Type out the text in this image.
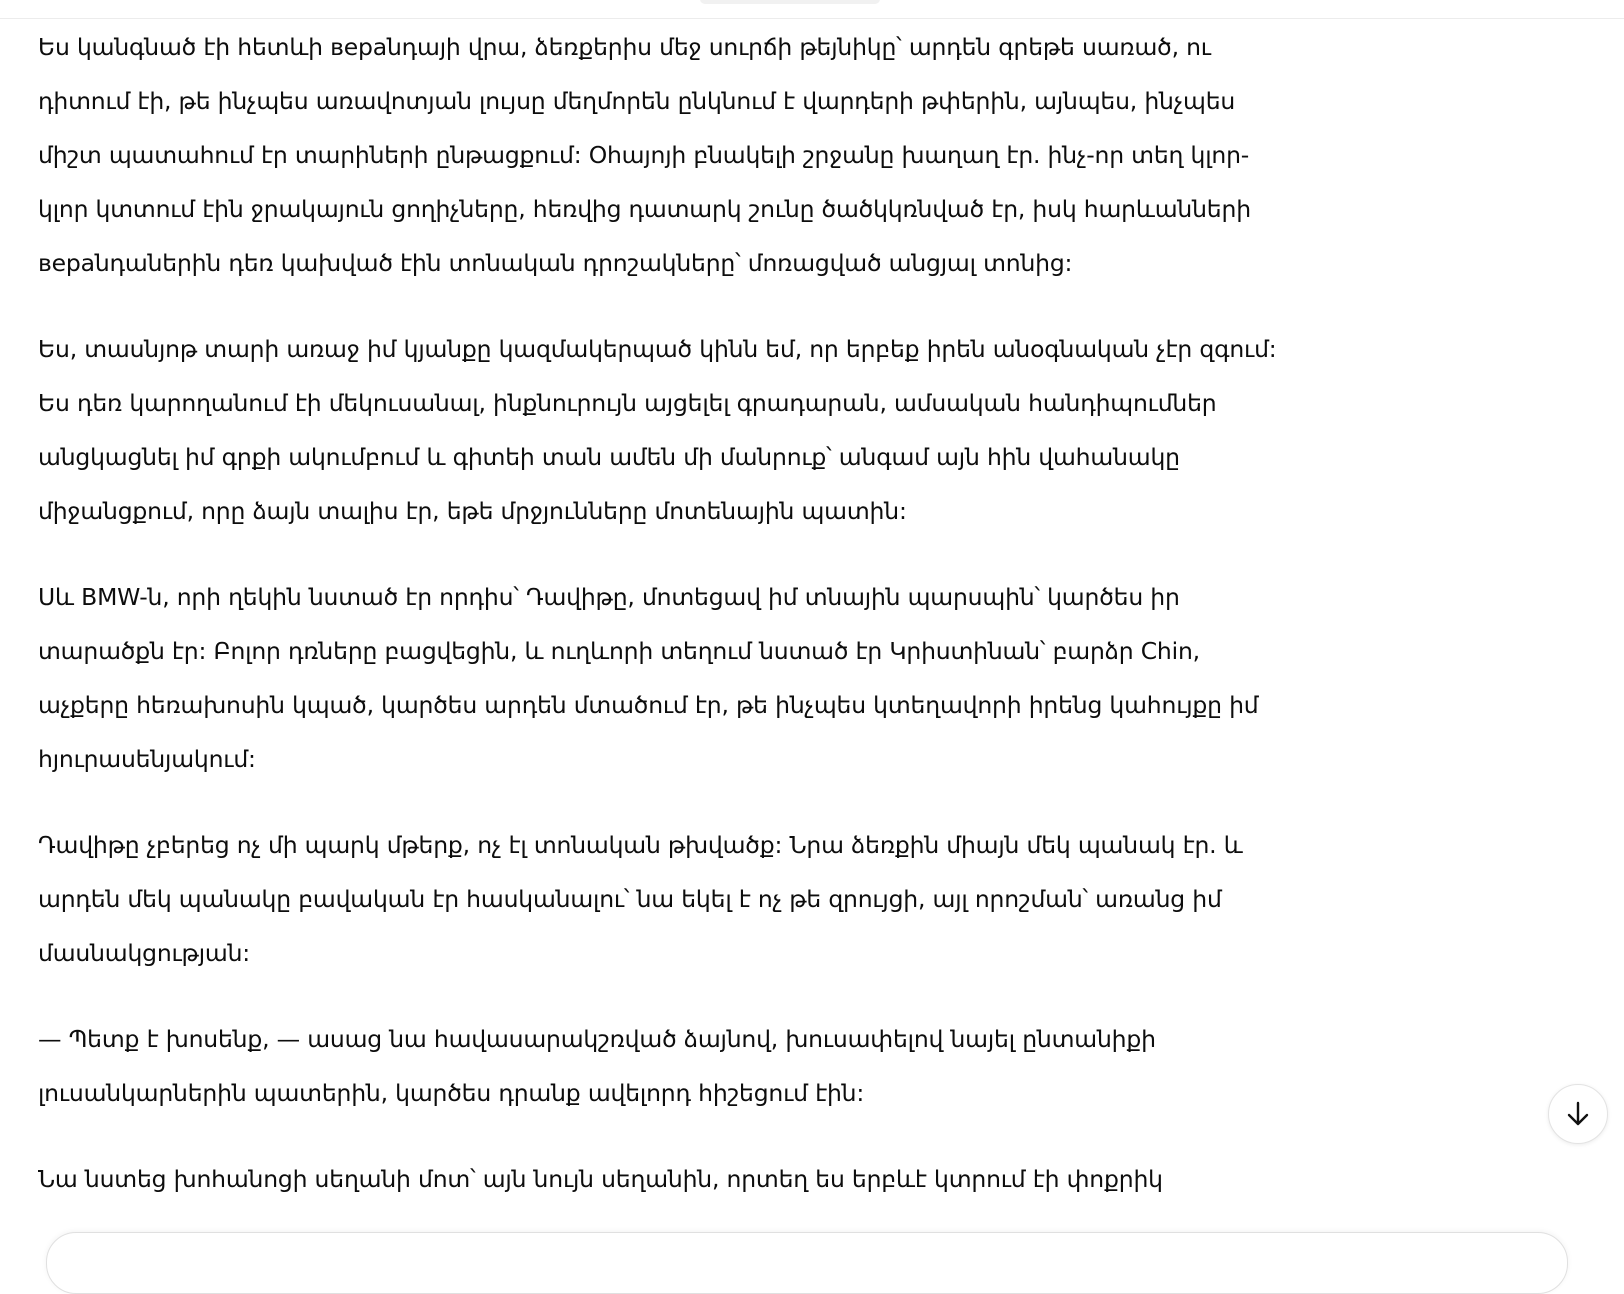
Ես կանգնած էի հետևի вераնդայի վրա, ձեռքերիս մեջ սուրճի թեյնիկը՝ արդեն գրեթե սառած, ու
դիտում էի, թե ինչպես առավոտյան լույսը մեղմորեն ընկնում է վարդերի թփերին, այնպես, ինչպես
միշտ պատահում էր տարիների ընթացքում: Օհայոյի բնակելի շրջանը խաղաղ էր. ինչ-որ տեղ կլոր-
կլոր կտտում էին ջրակայուն ցողիչները, հեռվից դատարկ շունը ծածկկռնված էր, իսկ հարևանների
вераնդաներին դեռ կախված էին տոնական դրոշակները՝ մոռացված անցյալ տոնից:

Ես, տասնյոթ տարի առաջ իմ կյանքը կազմակերպած կինն եմ, որ երբեք իրեն անօգնական չէր զգում:
Ես դեռ կարողանում էի մեկուսանալ, ինքնուրույն այցելել գրադարան, ամսական հանդիպումներ
անցկացնել իմ գրքի ակումբում և գիտեի տան ամեն մի մանրուք՝ անգամ այն հին վահանակը
միջանցքում, որը ձայն տալիս էր, եթե մրջյունները մոտենային պատին:

Սև BMW-ն, որի ղեկին նստած էր որդիս՝ Դավիթը, մոտեցավ իմ տնային պարսպին՝ կարծես իր
տարածքն էր: Բոլոր դռները բացվեցին, և ուղևորի տեղում նստած էր Կրիստինան՝ բարձր Chin,
աչքերը հեռախոսին կպած, կարծես արդեն մտածում էր, թե ինչպես կտեղավորի իրենց կահույքը իմ
հյուրասենյակում:

Դավիթը չբերեց ոչ մի պարկ մթերք, ոչ էլ տոնական թխվածք: Նրա ձեռքին միայն մեկ պանակ էր. և
արդեն մեկ պանակը բավական էր հասկանալու՝ նա եկել է ոչ թե զրույցի, այլ որոշման՝ առանց իմ
մասնակցության:

— Պետք է խոսենք, — ասաց նա հավասարակշռված ձայնով, խուսափելով նայել ընտանիքի
լուսանկարներին պատերին, կարծես դրանք ավելորդ հիշեցում էին:

Նա նստեց խոհանոցի սեղանի մոտ՝ այն նույն սեղանին, որտեղ ես երբևէ կտրում էի փոքրիկ
